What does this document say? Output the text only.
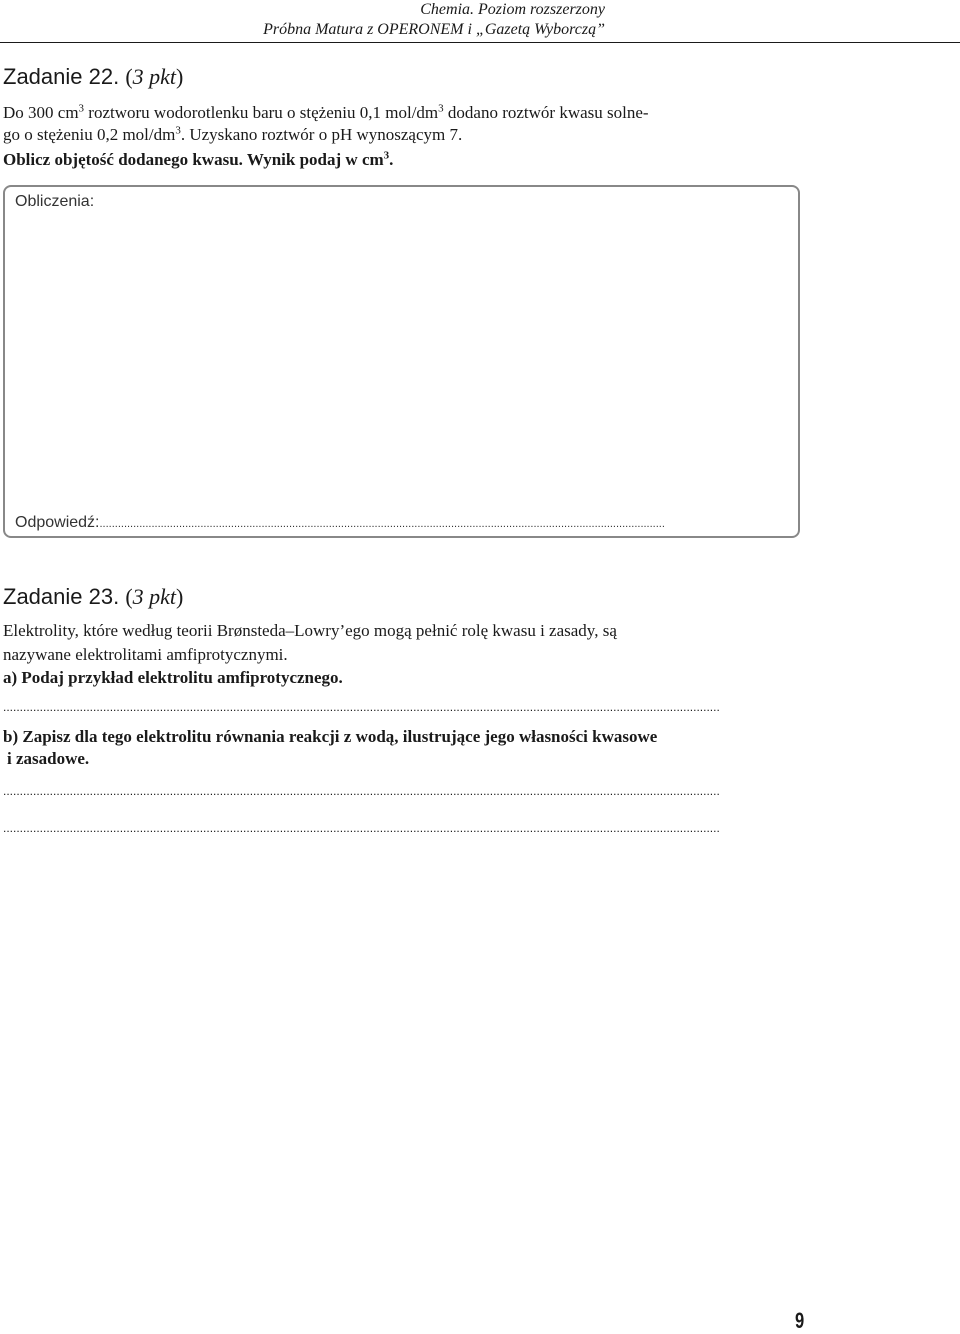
Chemia. Poziom rozszerzony
Próbna Matura z OPERONEM i „Gazetą Wyborczą”
Zadanie 22. (3 pkt)
Do 300 $cm^3$ roztworu wodorotlenku baru o stężeniu 0,1 mol/$dm^3$ dodano roztwór kwasu solne-
go o stężeniu 0,2 mol/$dm^3$. Uzyskano roztwór o pH wynoszącym 7.
Oblicz objętość dodanego kwasu. Wynik podaj w $cm^3$.
Obliczenia:
Odpowiedź:.........................................................................................................................................................................................
Zadanie 23. (3 pkt)
Elektrolity, które według teorii Brønsteda–Lowry’ego mogą pełnić rolę kwasu i zasady, są
nazywane elektrolitami amfiprotycznymi.
a) Podaj przykład elektrolitu amfiprotycznego.
.......................................................................................................................................................................................................................
b) Zapisz dla tego elektrolitu równania reakcji z wodą, ilustrujące jego własności kwasowe
i zasadowe.
.......................................................................................................................................................................................................................
.......................................................................................................................................................................................................................
9
